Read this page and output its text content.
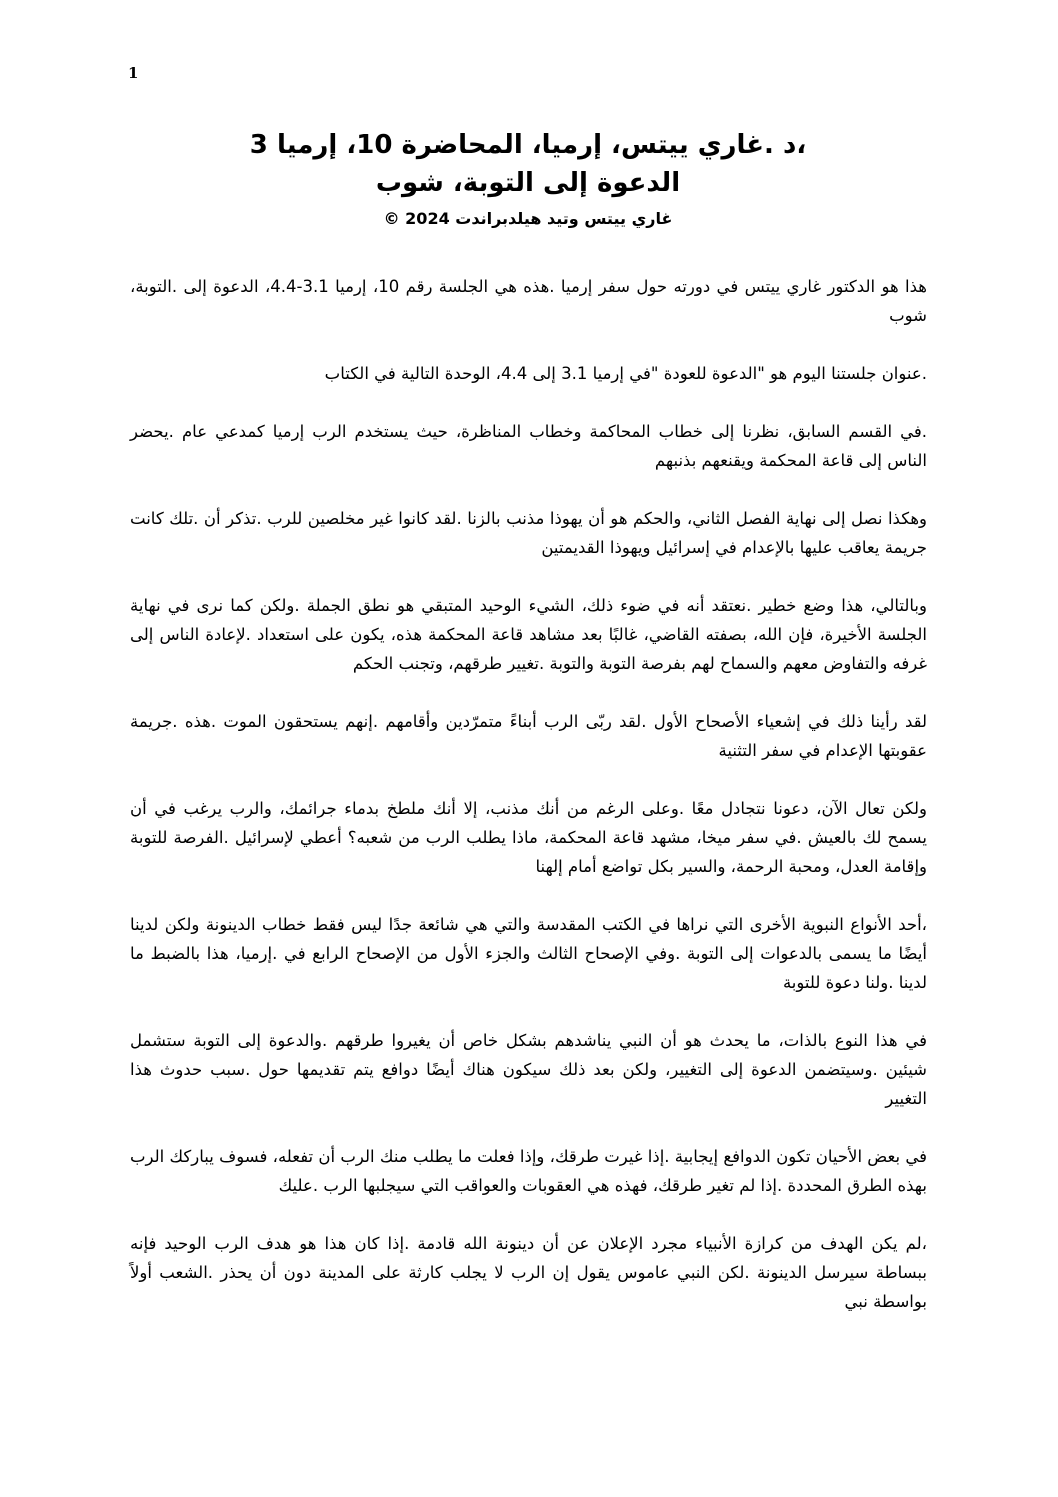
1
،د .غاري ييتس، إرميا، المحاضرة 10، إرميا 3
الدعوة إلى التوبة، شوب
غاري ييتس وتيد هيلدبراندت 2024 ©

هذا هو الدكتور غاري ييتس في دورته حول سفر إرميا .هذه هي الجلسة رقم 10، إرميا 3.1-4.4، الدعوة إلى .التوبة، شوب

.عنوان جلستنا اليوم هو "الدعوة للعودة "في إرميا 3.1 إلى 4.4، الوحدة التالية في الكتاب

.في القسم السابق، نظرنا إلى خطاب المحاكمة وخطاب المناظرة، حيث يستخدم الرب إرميا كمدعي عام .يحضر الناس إلى قاعة المحكمة ويقنعهم بذنبهم

وهكذا نصل إلى نهاية الفصل الثاني، والحكم هو أن يهوذا مذنب بالزنا .لقد كانوا غير مخلصين للرب .تذكر أن .تلك كانت جريمة يعاقب عليها بالإعدام في إسرائيل ويهوذا القديمتين

وبالتالي، هذا وضع خطير .نعتقد أنه في ضوء ذلك، الشيء الوحيد المتبقي هو نطق الجملة .ولكن كما نرى في نهاية الجلسة الأخيرة، فإن الله، بصفته القاضي، غالبًا بعد مشاهد قاعة المحكمة هذه، يكون على استعداد .لإعادة الناس إلى غرفه والتفاوض معهم والسماح لهم بفرصة التوبة والتوبة .تغيير طرقهم، وتجنب الحكم

لقد رأينا ذلك في إشعياء الأصحاح الأول .لقد ربّى الرب أبناءً متمرّدين وأقامهم .إنهم يستحقون الموت .هذه .جريمة عقوبتها الإعدام في سفر التثنية

ولكن تعال الآن، دعونا نتجادل معًا .وعلى الرغم من أنك مذنب، إلا أنك ملطخ بدماء جرائمك، والرب يرغب في أن يسمح لك بالعيش .في سفر ميخا، مشهد قاعة المحكمة، ماذا يطلب الرب من شعبه؟ أعطي لإسرائيل .الفرصة للتوبة وإقامة العدل، ومحبة الرحمة، والسير بكل تواضع أمام إلهنا

،أحد الأنواع النبوية الأخرى التي نراها في الكتب المقدسة والتي هي شائعة جدًا ليس فقط خطاب الدينونة ولكن لدينا أيضًا ما يسمى بالدعوات إلى التوبة .وفي الإصحاح الثالث والجزء الأول من الإصحاح الرابع في .إرميا، هذا بالضبط ما لدينا .ولنا دعوة للتوبة

في هذا النوع بالذات، ما يحدث هو أن النبي يناشدهم بشكل خاص أن يغيروا طرقهم .والدعوة إلى التوبة ستشمل شيئين .وسيتضمن الدعوة إلى التغيير، ولكن بعد ذلك سيكون هناك أيضًا دوافع يتم تقديمها حول .سبب حدوث هذا التغيير

في بعض الأحيان تكون الدوافع إيجابية .إذا غيرت طرقك، وإذا فعلت ما يطلب منك الرب أن تفعله، فسوف يباركك الرب بهذه الطرق المحددة .إذا لم تغير طرقك، فهذه هي العقوبات والعواقب التي سيجلبها الرب .عليك

،لم يكن الهدف من كرازة الأنبياء مجرد الإعلان عن أن دينونة الله قادمة .إذا كان هذا هو هدف الرب الوحيد فإنه ببساطة سيرسل الدينونة .لكن النبي عاموس يقول إن الرب لا يجلب كارثة على المدينة دون أن يحذر .الشعب أولاً بواسطة نبي
